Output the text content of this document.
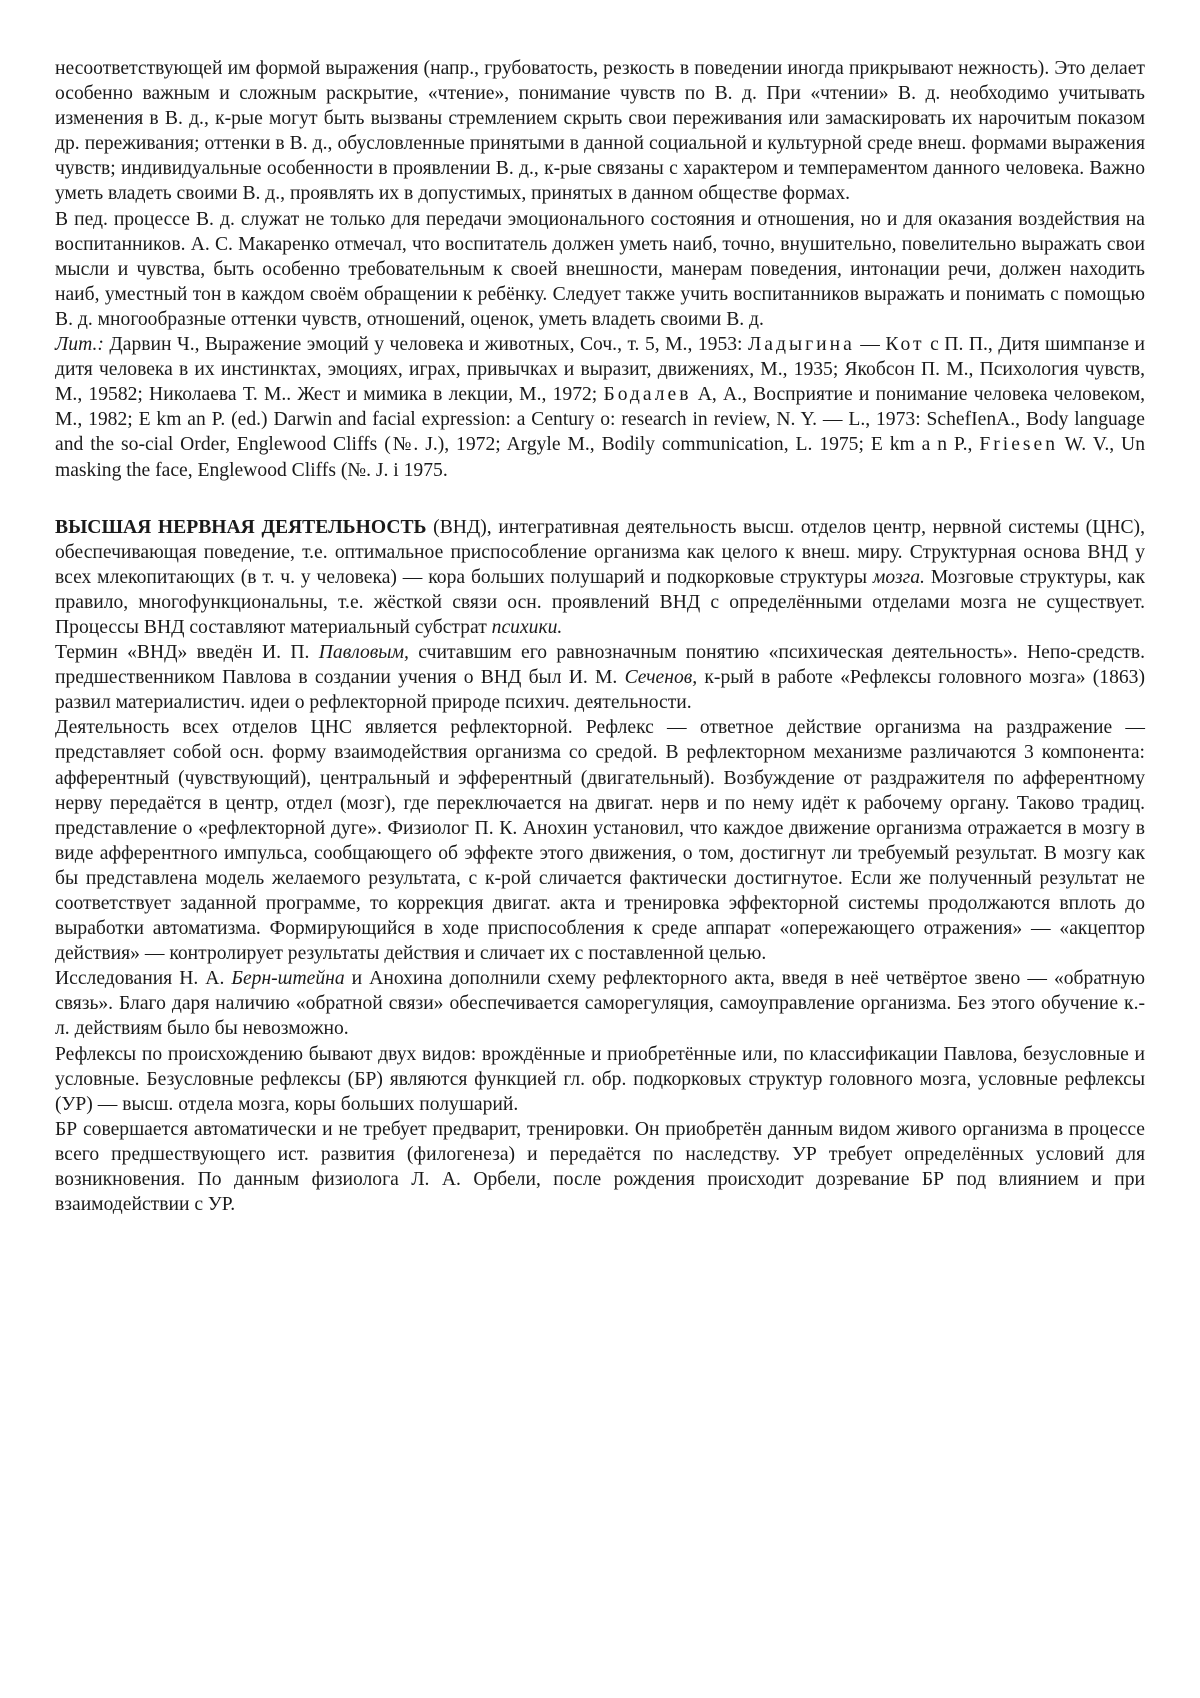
несоответствующей им формой выражения (напр., грубоватость, резкость в поведении иногда прикрывают нежность). Это делает особенно важным и сложным раскрытие, «чтение», понимание чувств по В. д. При «чтении» В. д. необходимо учитывать изменения в В. д., к-рые могут быть вызваны стремлением скрыть свои переживания или замаскировать их нарочитым показом др. переживания; оттенки в В. д., обусловленные принятыми в данной социальной и культурной среде внеш. формами выражения чувств; индивидуальные особенности в проявлении В. д., к-рые связаны с характером и темпераментом данного человека. Важно уметь владеть своими В. д., проявлять их в допустимых, принятых в данном обществе формах.

В пед. процессе В. д. служат не только для передачи эмоционального состояния и отношения, но и для оказания воздействия на воспитанников. А. С. Макаренко отмечал, что воспитатель должен уметь наиб, точно, внушительно, повелительно выражать свои мысли и чувства, быть особенно требовательным к своей внешности, манерам поведения, интонации речи, должен находить наиб, уместный тон в каждом своём обращении к ребёнку. Следует также учить воспитанников выражать и понимать с помощью В. д. многообразные оттенки чувств, отношений, оценок, уметь владеть своими В. д.

Лит.: Дарвин Ч., Выражение эмоций у человека и животных, Соч., т. 5, М., 1953: Ладыгина — Кот с П. П., Дитя шимпанзе и дитя человека в их инстинктах, эмоциях, играх, привычках и выразит, движениях, М., 1935; Якобсон П. М., Психология чувств, М., 19582; Николаева Т. М.. Жест и мимика в лекции, М., 1972; Бодалев А, А., Восприятие и понимание человека человеком, М., 1982; E km an P. (ed.) Darwin and facial expression: a Century o: research in review, N. Y. — L., 1973: SchefIenA., Body language and the so-cial Order, Englewood Cliffs (№. J.), 1972; Argyle M., Bodily communication, L. 1975; E km a n P., Friesen W. V., Un masking the face, Englewood Cliffs (№. J. i 1975.

ВЫСШАЯ НЕРВНАЯ ДЕЯТЕЛЬНОСТЬ (ВНД), интегративная деятельность высш. отделов центр, нервной системы (ЦНС), обеспечивающая поведение, т.е. оптимальное приспособление организма как целого к внеш. миру. Структурная основа ВНД у всех млекопитающих (в т. ч. у человека) — кора больших полушарий и подкорковые структуры мозга. Мозговые структуры, как правило, многофункциональны, т.е. жёсткой связи осн. проявлений ВНД с определёнными отделами мозга не существует. Процессы ВНД составляют материальный субстрат психики.

Термин «ВНД» введён И. П. Павловым, считавшим его равнозначным понятию «психическая деятельность». Непо-средств. предшественником Павлова в создании учения о ВНД был И. М. Сеченов, к-рый в работе «Рефлексы головного мозга» (1863) развил материалистич. идеи о рефлекторной природе психич. деятельности.

Деятельность всех отделов ЦНС является рефлекторной. Рефлекс — ответное действие организма на раздражение — представляет собой осн. форму взаимодействия организма со средой. В рефлекторном механизме различаются 3 компонента: афферентный (чувствующий), центральный и эфферентный (двигательный). Возбуждение от раздражителя по афферентному нерву передаётся в центр, отдел (мозг), где переключается на двигат. нерв и по нему идёт к рабочему органу. Таково традиц. представление о «рефлекторной дуге». Физиолог П. К. Анохин установил, что каждое движение организма отражается в мозгу в виде афферентного импульса, сообщающего об эффекте этого движения, о том, достигнут ли требуемый результат. В мозгу как бы представлена модель желаемого результата, с к-рой сличается фактически достигнутое. Если же полученный результат не соответствует заданной программе, то коррекция двигат. акта и тренировка эффекторной системы продолжаются вплоть до выработки автоматизма. Формирующийся в ходе приспособления к среде аппарат «опережающего отражения» — «акцептор действия» — контролирует результаты действия и сличает их с поставленной целью.

Исследования Н. А. Берн-штейна и Анохина дополнили схему рефлекторного акта, введя в неё четвёртое звено — «обратную связь». Благо даря наличию «обратной связи» обеспечивается саморегуляция, самоуправление организма. Без этого обучение к.-л. действиям было бы невозможно.

Рефлексы по происхождению бывают двух видов: врождённые и приобретённые или, по классификации Павлова, безусловные и условные. Безусловные рефлексы (БР) являются функцией гл. обр. подкорковых структур головного мозга, условные рефлексы (УР) — высш. отдела мозга, коры больших полушарий.

БР совершается автоматически и не требует предварит, тренировки. Он приобретён данным видом живого организма в процессе всего предшествующего ист. развития (филогенеза) и передаётся по наследству. УР требует определённых условий для возникновения. По данным физиолога Л. А. Орбели, после рождения происходит дозревание БР под влиянием и при взаимодействии с УР.
